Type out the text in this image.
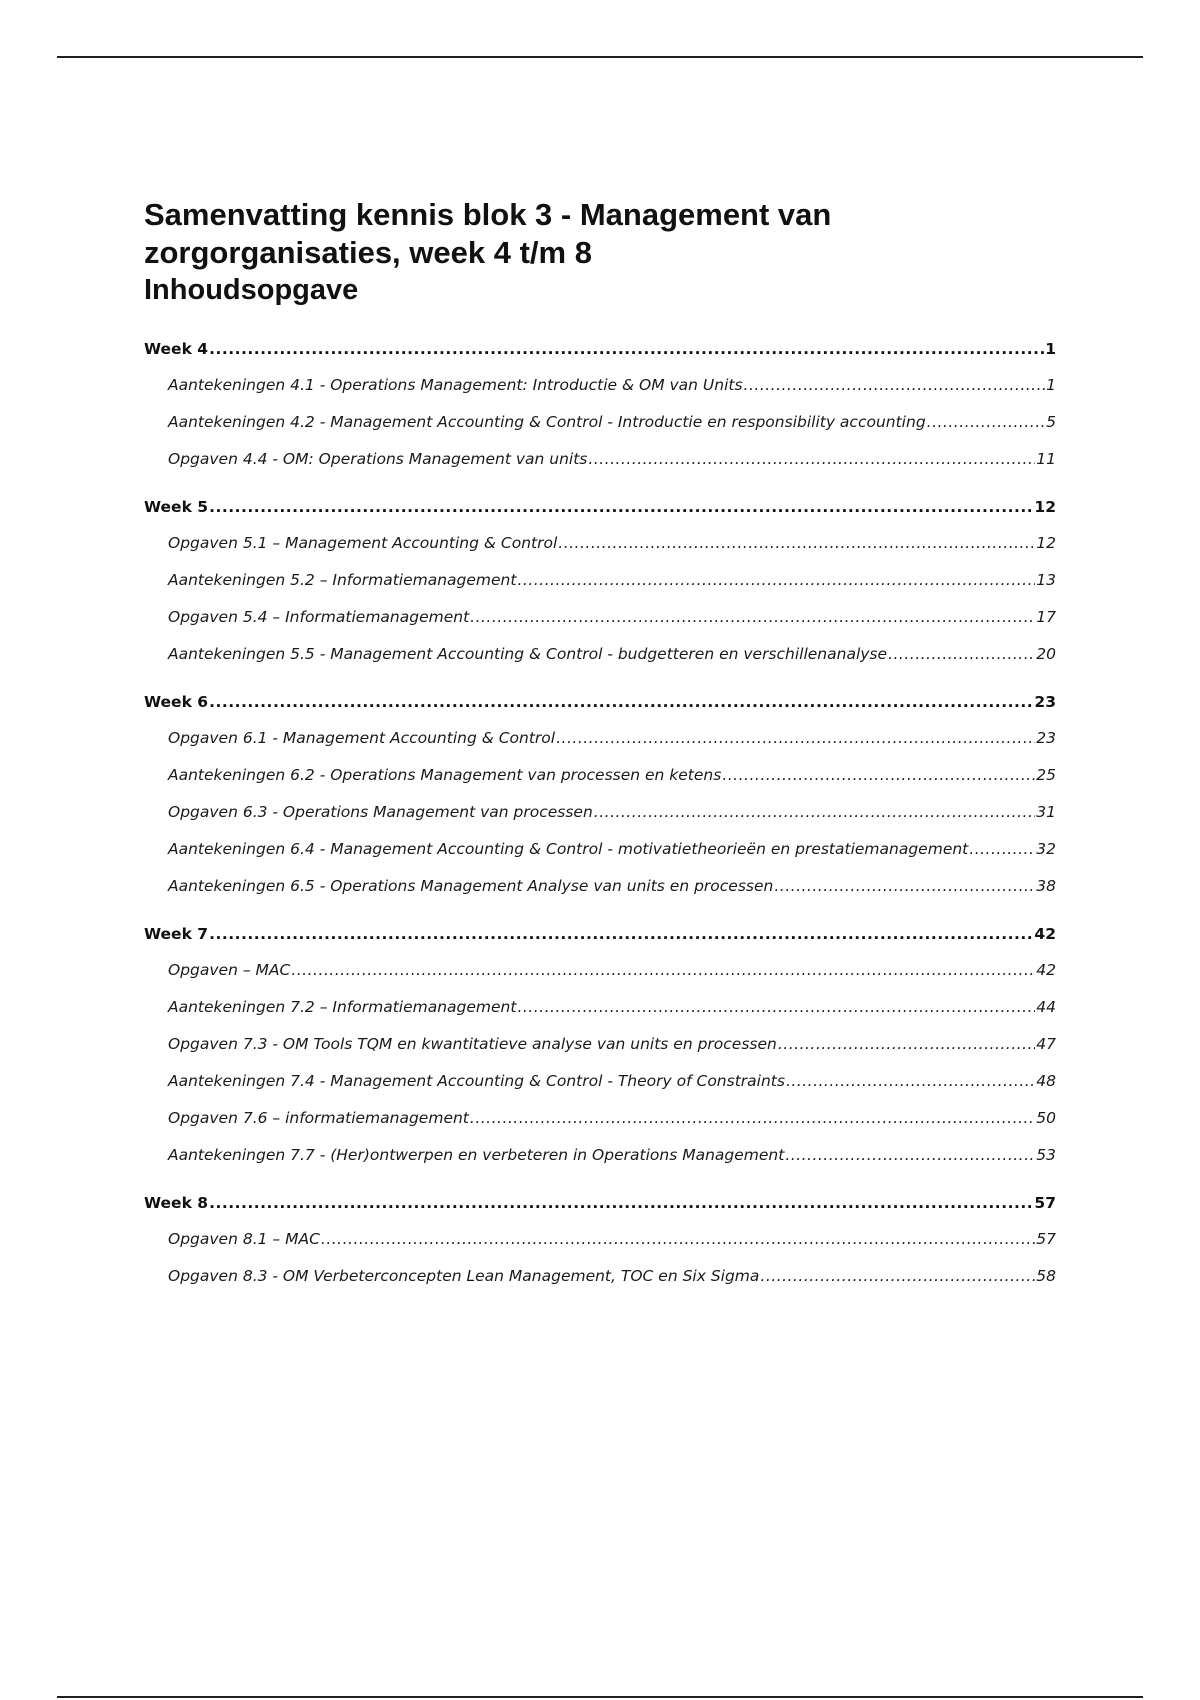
Samenvatting kennis blok 3 - Management van zorgorganisaties, week 4 t/m 8
Inhoudsopgave
Week 4 .....	1
Aantekeningen 4.1 - Operations Management: Introductie & OM van Units .....	1
Aantekeningen 4.2 - Management Accounting & Control - Introductie en responsibility accounting .....	5
Opgaven 4.4 - OM: Operations Management van units .....	11
Week 5 .....	12
Opgaven 5.1 – Management Accounting & Control .....	12
Aantekeningen 5.2 – Informatiemanagement .....	13
Opgaven 5.4 – Informatiemanagement .....	17
Aantekeningen 5.5 - Management Accounting & Control - budgetteren en verschillenanalyse .....	20
Week 6 .....	23
Opgaven 6.1 - Management Accounting & Control .....	23
Aantekeningen 6.2 - Operations Management van processen en ketens .....	25
Opgaven 6.3 - Operations Management van processen .....	31
Aantekeningen 6.4 - Management Accounting & Control - motivatietheorieën en prestatiemanagement .....	32
Aantekeningen 6.5 - Operations Management Analyse van units en processen .....	38
Week 7 .....	42
Opgaven – MAC .....	42
Aantekeningen 7.2 – Informatiemanagement .....	44
Opgaven 7.3 - OM Tools TQM en kwantitatieve analyse van units en processen .....	47
Aantekeningen 7.4 - Management Accounting & Control - Theory of Constraints .....	48
Opgaven 7.6 – informatiemanagement .....	50
Aantekeningen 7.7 - (Her)ontwerpen en verbeteren in Operations Management .....	53
Week 8 .....	57
Opgaven 8.1 – MAC .....	57
Opgaven 8.3 - OM Verbeterconcepten Lean Management, TOC en Six Sigma .....	58
